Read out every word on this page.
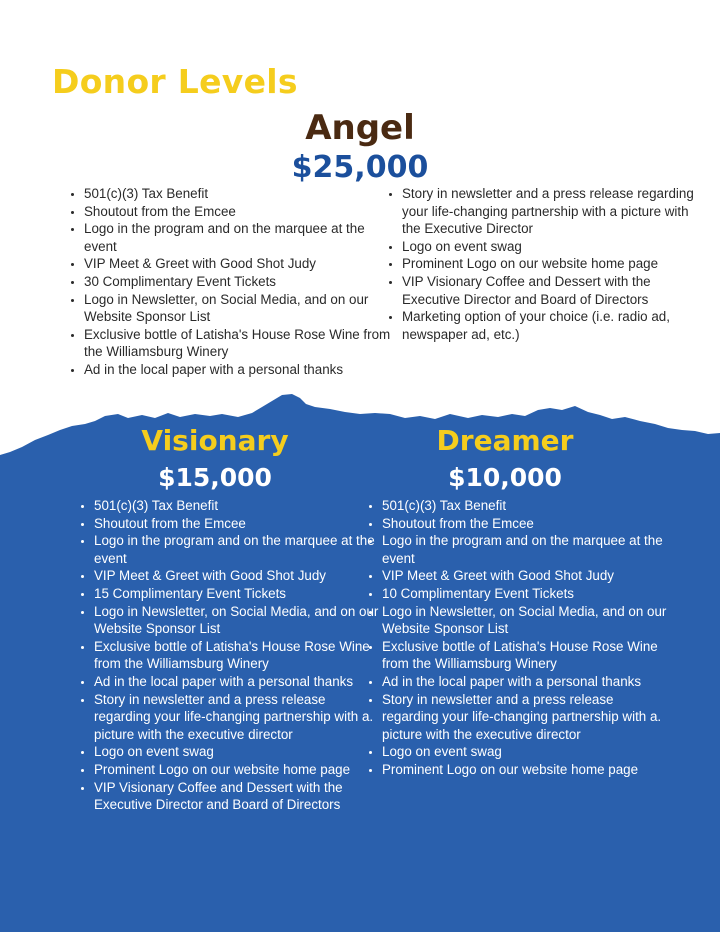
Donor Levels
Angel
$25,000
• 501(c)(3) Tax Benefit
• Shoutout from the Emcee
• Logo in the program and on the marquee at the event
• VIP Meet & Greet with Good Shot Judy
• 30 Complimentary Event Tickets
• Logo in Newsletter, on Social Media, and on our Website Sponsor List
• Exclusive bottle of Latisha's House Rose Wine from the Williamsburg Winery
• Ad in the local paper with a personal thanks
• Story in newsletter and a press release regarding your life-changing partnership with a picture with the Executive Director
• Logo on event swag
• Prominent Logo on our website home page
• VIP Visionary Coffee and Dessert with the Executive Director and Board of Directors
• Marketing option of your choice (i.e. radio ad, newspaper ad, etc.)
Visionary
$15,000
• 501(c)(3) Tax Benefit
• Shoutout from the Emcee
• Logo in the program and on the marquee at the event
• VIP Meet & Greet with Good Shot Judy
• 15 Complimentary Event Tickets
• Logo in Newsletter, on Social Media, and on our Website Sponsor List
• Exclusive bottle of Latisha's House Rose Wine from the Williamsburg Winery
• Ad in the local paper with a personal thanks
• Story in newsletter and a press release regarding your life-changing partnership with a. picture with the executive director
• Logo on event swag
• Prominent Logo on our website home page
• VIP Visionary Coffee and Dessert with the Executive Director and Board of Directors
Dreamer
$10,000
• 501(c)(3) Tax Benefit
• Shoutout from the Emcee
• Logo in the program and on the marquee at the event
• VIP Meet & Greet with Good Shot Judy
• 10 Complimentary Event Tickets
• Logo in Newsletter, on Social Media, and on our Website Sponsor List
• Exclusive bottle of Latisha's House Rose Wine from the Williamsburg Winery
• Ad in the local paper with a personal thanks
• Story in newsletter and a press release regarding your life-changing partnership with a. picture with the executive director
• Logo on event swag
• Prominent Logo on our website home page
